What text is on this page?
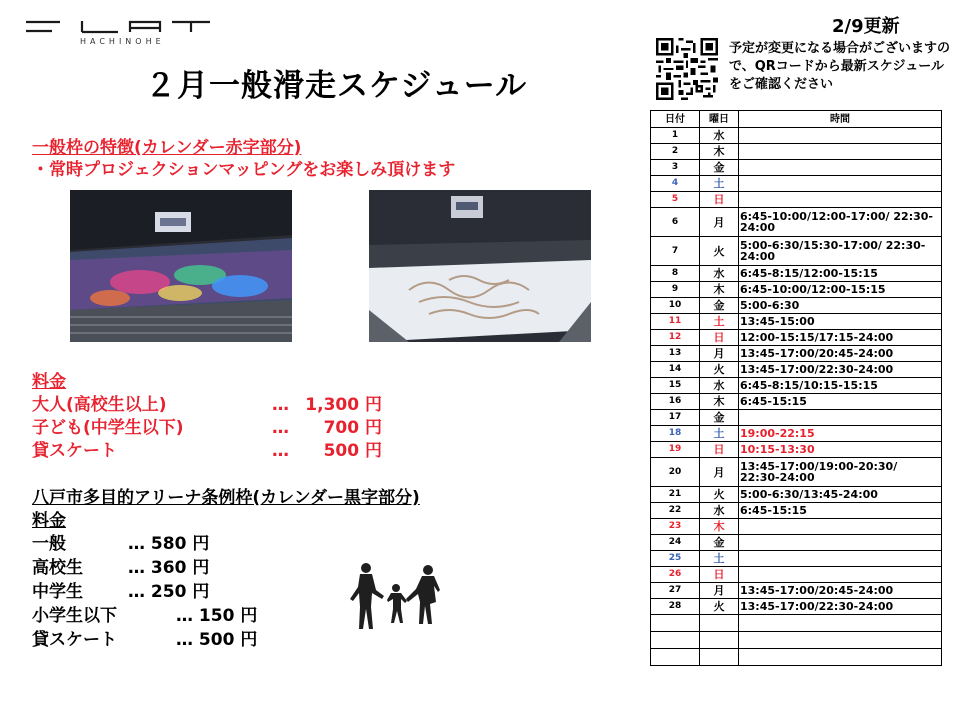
HACHINOHE
２月一般滑走スケジュール
2/9更新
予定が変更になる場合がございますので、QRコードから最新スケジュールをご確認ください
一般枠の特徴(カレンダー赤字部分)
・常時プロジェクションマッピングをお楽しみ頂けます
料金
大人(高校生以上)	… 1,300 円
子ども(中学生以下)	… 700 円
貸スケート	… 500 円
八戸市多目的アリーナ条例枠(カレンダー黒字部分)
料金
一般	… 580 円
高校生	… 360 円
中学生	… 250 円
小学生以下	… 150 円
貸スケート	… 500 円
日付	曜日	時間
1	水	
2	木	
3	金	
4	土	
5	日	
6	月	6:45-10:00/12:00-17:00/ 22:30-24:00
7	火	5:00-6:30/15:30-17:00/ 22:30-24:00
8	水	6:45-8:15/12:00-15:15
9	木	6:45-10:00/12:00-15:15
10	金	5:00-6:30
11	土	13:45-15:00
12	日	12:00-15:15/17:15-24:00
13	月	13:45-17:00/20:45-24:00
14	火	13:45-17:00/22:30-24:00
15	水	6:45-8:15/10:15-15:15
16	木	6:45-15:15
17	金	
18	土	19:00-22:15
19	日	10:15-13:30
20	月	13:45-17:00/19:00-20:30/ 22:30-24:00
21	火	5:00-6:30/13:45-24:00
22	水	6:45-15:15
23	木	
24	金	
25	土	
26	日	
27	月	13:45-17:00/20:45-24:00
28	火	13:45-17:00/22:30-24:00
